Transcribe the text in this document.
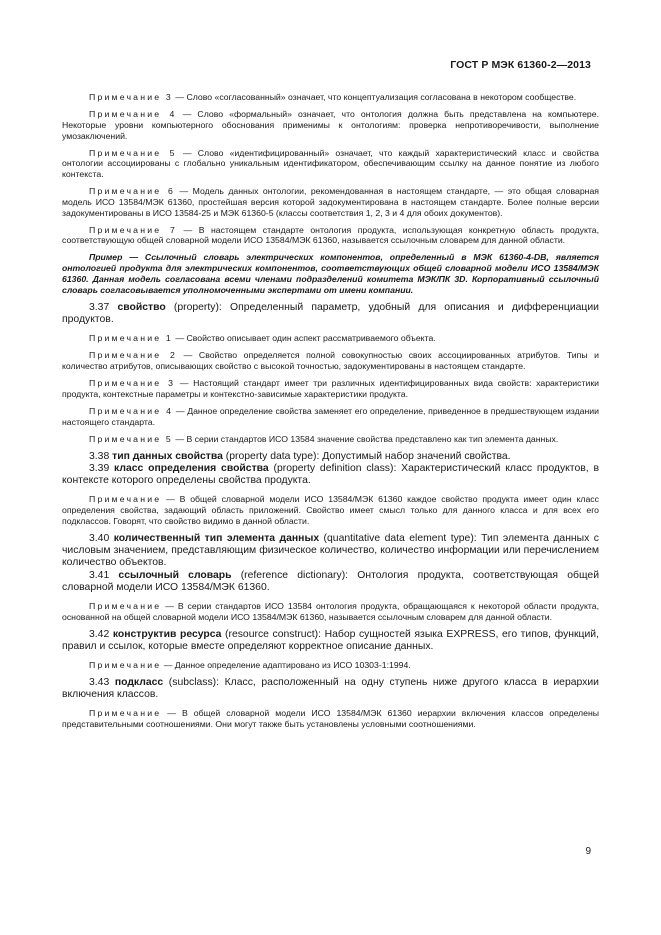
ГОСТ Р МЭК 61360-2—2013

Примечание 3 — Слово «согласованный» означает, что концептуализация согласована в некотором сообществе.

Примечание 4 — Слово «формальный» означает, что онтология должна быть представлена на компьютере. Некоторые уровни компьютерного обоснования применимы к онтологиям: проверка непротиворечивости, выполнение умозаключений.

Примечание 5 — Слово «идентифицированный» означает, что каждый характеристический класс и свойства онтологии ассоциированы с глобально уникальным идентификатором, обеспечивающим ссылку на данное понятие из любого контекста.

Примечание 6 — Модель данных онтологии, рекомендованная в настоящем стандарте, — это общая словарная модель ИСО 13584/МЭК 61360, простейшая версия которой задокументирована в настоящем стандарте. Более полные версии задокументированы в ИСО 13584-25 и МЭК 61360-5 (классы соответствия 1, 2, 3 и 4 для обоих документов).

Примечание 7 — В настоящем стандарте онтология продукта, использующая конкретную область продукта, соответствующую общей словарной модели ИСО 13584/МЭК 61360, называется ссылочным словарем для данной области.

Пример — Ссылочный словарь электрических компонентов, определенный в МЭК 61360-4-DB, является онтологией продукта для электрических компонентов, соответствующих общей словарной модели ИСО 13584/МЭК 61360. Данная модель согласована всеми членами подразделений комитета МЭК/ПК 3D. Корпоративный ссылочный словарь согласовывается уполномоченными экспертами от имени компании.

3.37 свойство (property): Определенный параметр, удобный для описания и дифференциации продуктов.

Примечание 1 — Свойство описывает один аспект рассматриваемого объекта.

Примечание 2 — Свойство определяется полной совокупностью своих ассоциированных атрибутов. Типы и количество атрибутов, описывающих свойство с высокой точностью, задокументированы в настоящем стандарте.

Примечание 3 — Настоящий стандарт имеет три различных идентифицированных вида свойств: характеристики продукта, контекстные параметры и контекстно-зависимые характеристики продукта.

Примечание 4 — Данное определение свойства заменяет его определение, приведенное в предшествующем издании настоящего стандарта.

Примечание 5 — В серии стандартов ИСО 13584 значение свойства представлено как тип элемента данных.

3.38 тип данных свойства (property data type): Допустимый набор значений свойства.

3.39 класс определения свойства (property definition class): Характеристический класс продуктов, в контексте которого определены свойства продукта.

Примечание — В общей словарной модели ИСО 13584/МЭК 61360 каждое свойство продукта имеет один класс определения свойства, задающий область приложений. Свойство имеет смысл только для данного класса и для всех его подклассов. Говорят, что свойство видимо в данной области.

3.40 количественный тип элемента данных (quantitative data element type): Тип элемента данных с числовым значением, представляющим физическое количество, количество информации или перечислением количество объектов.

3.41 ссылочный словарь (reference dictionary): Онтология продукта, соответствующая общей словарной модели ИСО 13584/МЭК 61360.

Примечание — В серии стандартов ИСО 13584 онтология продукта, обращающаяся к некоторой области продукта, основанной на общей словарной модели ИСО 13584/МЭК 61360, называется ссылочным словарем для данной области.

3.42 конструктив ресурса (resource construct): Набор сущностей языка EXPRESS, его типов, функций, правил и ссылок, которые вместе определяют корректное описание данных.

Примечание — Данное определение адаптировано из ИСО 10303-1:1994.

3.43 подкласс (subclass): Класс, расположенный на одну ступень ниже другого класса в иерархии включения классов.

Примечание — В общей словарной модели ИСО 13584/МЭК 61360 иерархии включения классов определены представительными соотношениями. Они могут также быть установлены условными соотношениями.

9
